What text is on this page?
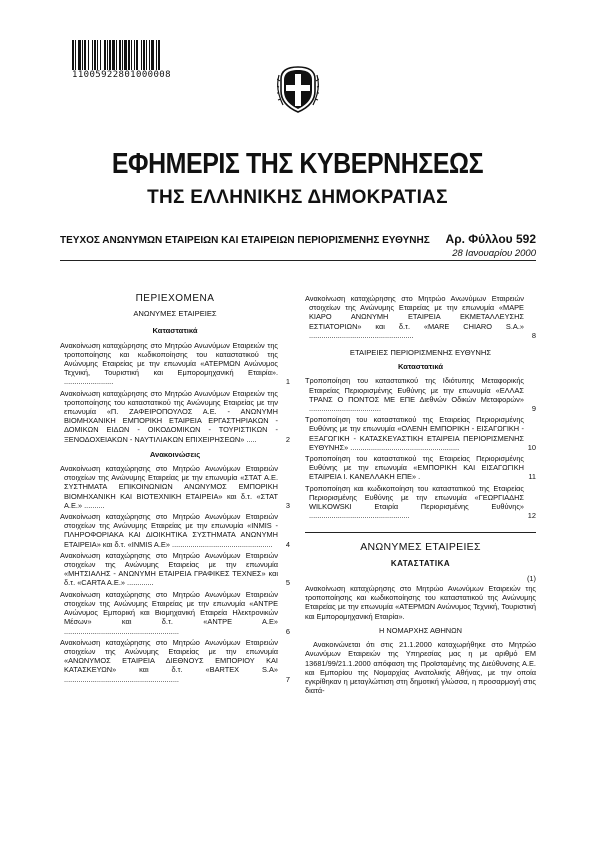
11005922801000008
ΕΦΗΜΕΡΙΣ ΤΗΣ ΚΥΒΕΡΝΗΣΕΩΣ
ΤΗΣ ΕΛΛΗΝΙΚΗΣ ΔΗΜΟΚΡΑΤΙΑΣ
ΤΕΥΧΟΣ ΑΝΩΝΥΜΩΝ ΕΤΑΙΡΕΙΩΝ ΚΑΙ ΕΤΑΙΡΕΙΩΝ ΠΕΡΙΟΡΙΣΜΕΝΗΣ ΕΥΘΥΝΗΣ Αρ. Φύλλου 592
28 Ιανουαρίου 2000
ΠΕΡΙΕΧΟΜΕΝΑ
ΑΝΩΝΥΜΕΣ ΕΤΑΙΡΕΙΕΣ
Καταστατικά
Ανακοίνωση καταχώρησης στο Μητρώο Ανωνύμων Εταιρειών της τροποποίησης και κωδικοποίησης του καταστατικού της Ανώνυμης Εταιρείας με την επωνυμία «ΑΤΕΡΜΩΝ Ανώνυμος Τεχνική, Τουριστική και Εμπορομηχανική Εταιρία». ........................	1
Ανακοίνωση καταχώρησης στο Μητρώο Ανωνύμων Εταιρειών της τροποποίησης του καταστατικού της Ανώνυμης Εταιρείας με την επωνυμία «Π. ΖΑΦΕΙΡΟΠΟΥΛΟΣ Α.Ε. - ΑΝΩΝΥΜΗ ΒΙΟΜΗΧΑΝΙΚΗ ΕΜΠΟΡΙΚΗ ΕΤΑΙΡΕΙΑ ΕΡΓΑΣΤΗΡΙΑΚΩΝ - ΔΟΜΙΚΩΝ ΕΙΔΩΝ - ΟΙΚΟΔΟΜΙΚΩΝ - ΤΟΥΡΙΣΤΙΚΩΝ - ΞΕΝΟΔΟΧΕΙΑΚΩΝ - ΝΑΥΤΙΛΙΑΚΩΝ ΕΠΙΧΕΙΡΗΣΕΩΝ» .....	2
Ανακοινώσεις
Ανακοίνωση καταχώρησης στο Μητρώο Ανωνύμων Εταιρειών στοιχείων της Ανώνυμης Εταιρείας με την επωνυμία «ΣΤΑΤ Α.Ε. ΣΥΣΤΗΜΑΤΑ ΕΠΙΚΟΙΝΩΝΙΩΝ ΑΝΩΝΥΜΟΣ ΕΜΠΟΡΙΚΗ ΒΙΟΜΗΧΑΝΙΚΗ ΚΑΙ ΒΙΟΤΕΧΝΙΚΗ ΕΤΑΙΡΕΙΑ» και δ.τ. «ΣΤΑΤ Α.Ε.» ..........	3
Ανακοίνωση καταχώρησης στο Μητρώο Ανωνύμων Εταιρειών στοιχείων της Ανώνυμης Εταιρείας με την επωνυμία «INMIS - ΠΛΗΡΟΦΟΡΙΑΚΑ ΚΑΙ ΔΙΟΙΚΗΤΙΚΑ ΣΥΣΤΗΜΑΤΑ ΑΝΩΝΥΜΗ ΕΤΑΙΡΕΙΑ» και δ.τ. «INMIS A.E» .................................................	4
Ανακοίνωση καταχώρησης στο Μητρώο Ανωνύμων Εταιρειών στοιχείων της Ανώνυμης Εταιρείας με την επωνυμία «ΜΗΤΣΙΑΛΗΣ - ΑΝΩΝΥΜΗ ΕΤΑΙΡΕΙΑ ΓΡΑΦΙΚΕΣ ΤΕΧΝΕΣ» και δ.τ. «CARTA A.E.» .............	5
Ανακοίνωση καταχώρησης στο Μητρώο Ανωνύμων Εταιρειών στοιχείων της Ανώνυμης Εταιρείας με την επωνυμία «ΑΝΤΡΕ Ανώνυμος Εμπορική και Βιομηχανική Εταιρεία Ηλεκτρονικών Μέσων» και δ.τ. «ANTPE A.E» ........................................................	6
Ανακοίνωση καταχώρησης στο Μητρώο Ανωνύμων Εταιρειών στοιχείων της Ανώνυμης Εταιρείας με την επωνυμία «ΑΝΩΝΥΜΟΣ ΕΤΑΙΡΕΙΑ ΔΙΕΘΝΟΥΣ ΕΜΠΟΡΙΟΥ ΚΑΙ ΚΑΤΑΣΚΕΥΩΝ» και δ.τ. «BARTEX S.A» ........................................................	7
Ανακοίνωση καταχώρησης στο Μητρώο Ανωνύμων Εταιρειών στοιχείων της Ανώνυμης Εταιρείας με την επωνυμία «ΜΑΡΕ ΚΙΑΡΟ ΑΝΩΝΥΜΗ ΕΤΑΙΡΕΙΑ ΕΚΜΕΤΑΛΛΕΥΣΗΣ ΕΣΤΙΑΤΟΡΙΩΝ» και δ.τ. «MARE CHIARO S.A.» ...................................................	8
ΕΤΑΙΡΕΙΕΣ ΠΕΡΙΟΡΙΣΜΕΝΗΣ ΕΥΘΥΝΗΣ
Καταστατικά
Τροποποίηση του καταστατικού της Ιδιότυπης Μεταφορικής Εταιρείας Περιορισμένης Ευθύνης με την επωνυμία «ΕΛΛΑΣ ΤΡΑΝΣ Ο ΠΟΝΤΟΣ ΜΕ ΕΠΕ Διεθνών Οδικών Μεταφορών» ...................................	9
Τροποποίηση του καταστατικού της Εταιρείας Περιορισμένης Ευθύνης με την επωνυμία «ΟΛΕΝΗ ΕΜΠΟΡΙΚΗ - ΕΙΣΑΓΩΓΙΚΗ - ΕΞΑΓΩΓΙΚΗ - ΚΑΤΑΣΚΕΥΑΣΤΙΚΗ ΕΤΑΙΡΕΙΑ ΠΕΡΙΟΡΙΣΜΕΝΗΣ ΕΥΘΥΝΗΣ» .....................................................	10
Τροποποίηση του καταστατικού της Εταιρείας Περιορισμένης Ευθύνης με την επωνυμία «ΕΜΠΟΡΙΚΗ ΚΑΙ ΕΙΣΑΓΩΓΙΚΗ ΕΤΑΙΡΕΙΑ Ι. ΚΑΝΕΛΛΑΚΗ ΕΠΕ» .	11
Τροποποίηση και κωδικοποίηση του καταστατικού της Εταιρείας Περιορισμένης Ευθύνης με την επωνυμία «ΓΕΩΡΓΙΑΔΗΣ WILKOWSKI Εταιρία Περιορισμένης Ευθύνης» .................................................	12
ΑΝΩΝΥΜΕΣ ΕΤΑΙΡΕΙΕΣ
ΚΑΤΑΣΤΑΤΙΚΑ
(1)
Ανακοίνωση καταχώρησης στο Μητρώο Ανωνύμων Εταιρειών της τροποποίησης και κωδικοποίησης του καταστατικού της Ανώνυμης Εταιρείας με την επωνυμία «ΑΤΕΡΜΩΝ Ανώνυμος Τεχνική, Τουριστική και Εμπορομηχανική Εταιρία».
Η ΝΟΜΑΡΧΗΣ ΑΘΗΝΩΝ
Ανακοινώνεται ότι στις 21.1.2000 καταχωρήθηκε στο Μητρώο Ανωνύμων Εταιρειών της Υπηρεσίας μας η με αριθμό ΕΜ 13681/99/21.1.2000 απόφαση της Προϊσταμένης της Διεύθυνσης Α.Ε. και Εμπορίου της Νομαρχίας Ανατολικής Αθήνας, με την οποία εγκρίθηκαν η μεταγλώττιση στη δημοτική γλώσσα, η προσαρμογή στις διατά-
